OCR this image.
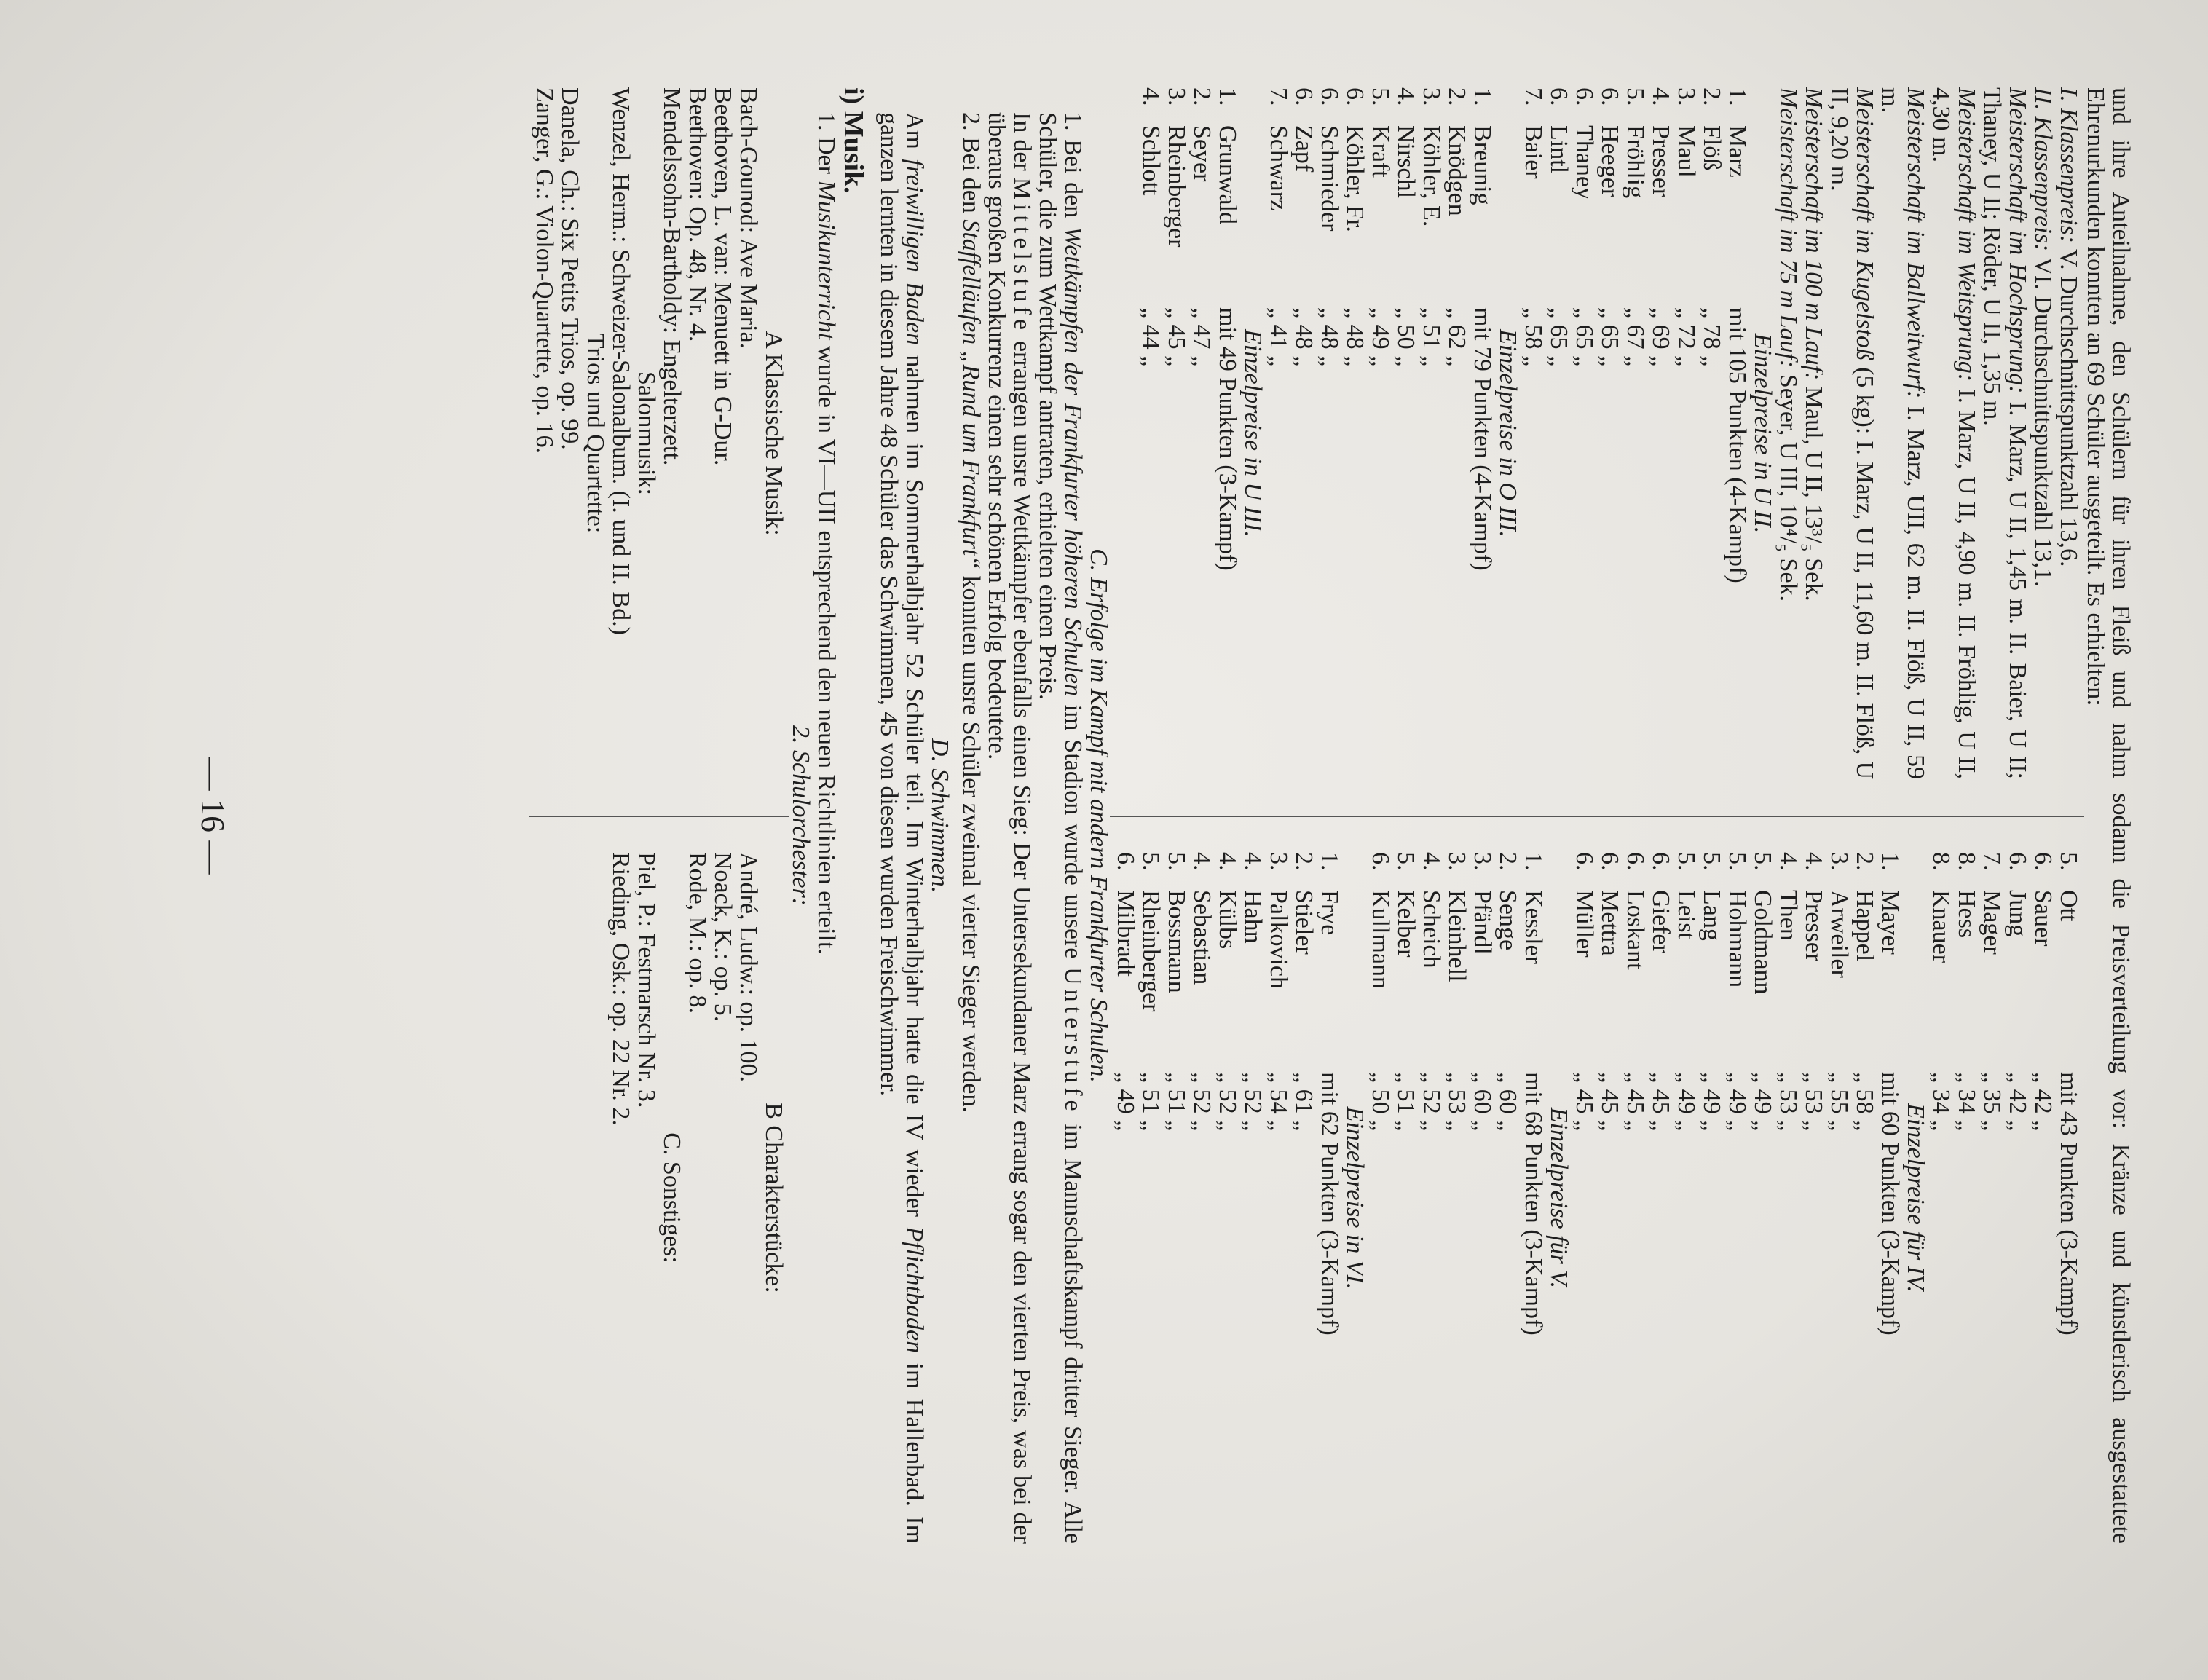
und ihre Anteilnahme, den Schülern für ihren Fleiß und nahm sodann die Preisverteilung vor: Kränze und künstlerisch ausgestattete Ehrenurkunden konnten an 69 Schüler ausgeteilt. Es erhielten:

I. Klassenpreis: V. Durchschnittspunktzahl 13,6.

II. Klassenpreis: VI. Durchschnittspunktzahl 13,1.

Meisterschaft im Hochsprung: I. Marz, U II, 1,45 m. II. Baier, U II; Thaney, U II; Röder, U II, 1,35 m.

Meisterschaft im Weitsprung: I. Marz, U II, 4,90 m. II. Fröhlig, U II, 4,30 m.

Meisterschaft im Ballweitwurf: I. Marz, UII, 62 m. II. Flöß, U II, 59 m.

Meisterschaft im Kugelstoß (5 kg): I. Marz, U II, 11,60 m. II. Flöß, U II, 9,20 m.

Meisterschaft im 100 m Lauf: Maul, U II, 13³/₅ Sek.

Meisterschaft im 75 m Lauf: Seyer, U III, 10⁴/₅ Sek.

Einzelpreise in U II.

1.
Marz
mit 105 Punkten (4-Kampf)
2.
Flöß
„ 78 „
3.
Maul
„ 72 „
4.
Presser
„ 69 „
5.
Fröhlig
„ 67 „
6.
Heeger
„ 65 „
6.
Thaney
„ 65 „
6.
Lintl
„ 65 „
7.
Baier
„ 58 „

Einzelpreise in O III.

1.
Breunig
mit 79 Punkten (4-Kampf)
2.
Knödgen
„ 62 „
3.
Köhler, E.
„ 51 „
4.
Nirschl
„ 50 „
5.
Kraft
„ 49 „
6.
Köhler, Fr.
„ 48 „
6.
Schmieder
„ 48 „
6.
Zapf
„ 48 „
7.
Schwarz
„ 41 „

Einzelpreise in U III.

1.
Grunwald
mit 49 Punkten (3-Kampf)
2.
Seyer
„ 47 „
3.
Rheinberger
„ 45 „
4.
Schlott
„ 44 „
5.
Ott
mit 43 Punkten (3-Kampf)
6.
Sauer
„ 42 „
6.
Jung
„ 42 „
7.
Mager
„ 35 „
8.
Hess
„ 34 „
8.
Knauer
„ 34 „

Einzelpreise für IV.

1.
Mayer
mit 60 Punkten (3-Kampf)
2.
Happel
„ 58 „
3.
Arweiler
„ 55 „
4.
Presser
„ 53 „
4.
Then
„ 53 „
5.
Goldmann
„ 49 „
5.
Hohmann
„ 49 „
5.
Lang
„ 49 „
5.
Leist
„ 49 „
6.
Giefer
„ 45 „
6.
Loskant
„ 45 „
6.
Mettra
„ 45 „
6.
Müller
„ 45 „

Einzelpreise für V.

1.
Kessler
mit 68 Punkten (3-Kampf)
2.
Senge
„ 60 „
3.
Pfändl
„ 60 „
3.
Kleinhell
„ 53 „
4.
Scheich
„ 52 „
5.
Kelber
„ 51 „
6.
Kullmann
„ 50 „

Einzelpreise in VI.

1.
Frye
mit 62 Punkten (3-Kampf)
2.
Stieler
„ 61 „
3.
Palkovich
„ 54 „
4.
Hahn
„ 52 „
4.
Külbs
„ 52 „
4.
Sebastian
„ 52 „
5.
Bossmann
„ 51 „
5.
Rheinberger
„ 51 „
6.
Milbradt
„ 49 „

C. Erfolge im Kampf mit andern Frankfurter Schulen.

1. Bei den Wettkämpfen der Frankfurter höheren Schulen im Stadion wurde unsere Unterstufe im Mannschaftskampf dritter Sieger. Alle Schüler, die zum Wettkampf antraten, erhielten einen Preis.

In der Mittelstufe errangen unsre Wettkämpfer ebenfalls einen Sieg: Der Untersekundaner Marz errang sogar den vierten Preis, was bei der überaus großen Konkurrenz einen sehr schönen Erfolg bedeutete.

2. Bei den Staffelläufen „Rund um Frankfurt“ konnten unsre Schüler zweimal vierter Sieger werden.

D. Schwimmen.

Am freiwilligen Baden nahmen im Sommerhalbjahr 52 Schüler teil. Im Winterhalbjahr hatte die IV wieder Pflichtbaden im Hallenbad. Im ganzen lernten in diesem Jahre 48 Schüler das Schwimmen, 45 von diesen wurden Freischwimmer.

i) Musik.

1. Der Musikunterricht wurde in VI—UII entsprechend den neuen Richtlinien erteilt.

2. Schulorchester:

A Klassische Musik:

Bach-Gounod: Ave Maria.

Beethoven, L. van: Menuett in G-Dur.

Beethoven: Op. 48, Nr. 4.

Mendelssohn-Bartholdy: Engelterzett.

Salonmusik:

Wenzel, Herm.: Schweizer-Salonalbum. (I. und II. Bd.)

Trios und Quartette:

Danela, Ch.: Six Petits Trios, op. 99.

Zanger, G.: Violon-Quartette, op. 16.

B Charakterstücke:

André, Ludw.: op. 100.

Noack, K.: op. 5.

Rode, M.: op. 8.

C. Sonstiges:

Piel, P.: Festmarsch Nr. 3.

Rieding, Osk.: op. 22 Nr. 2.

— 16 —
